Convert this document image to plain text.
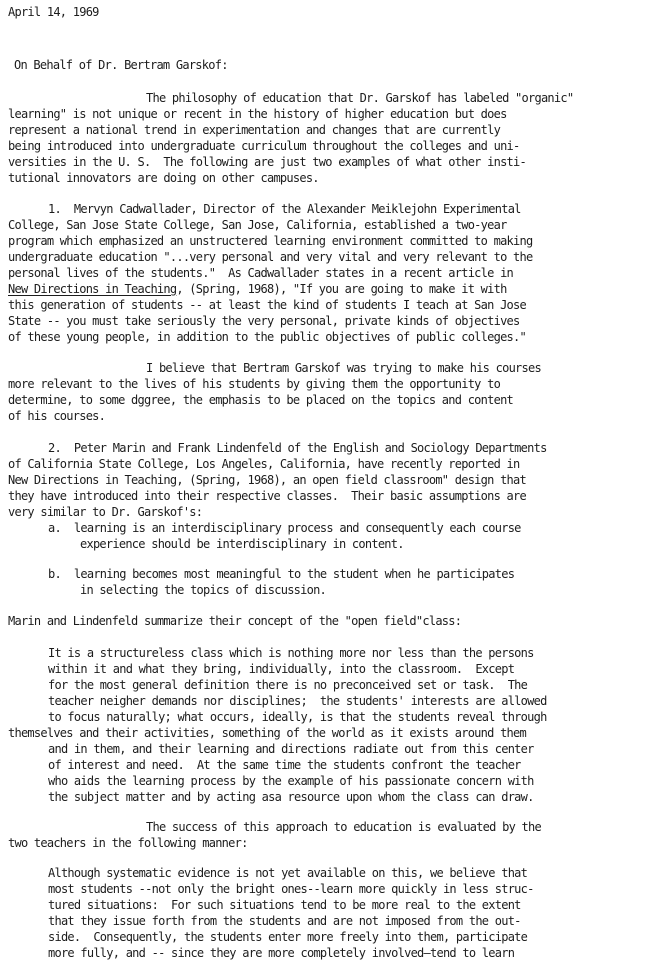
April 14, 1969
On Behalf of Dr. Bertram Garskof:
The philosophy of education that Dr. Garskof has labeled "organic"
learning" is not unique or recent in the history of higher education but does
represent a national trend in experimentation and changes that are currently
being introduced into undergraduate curriculum throughout the colleges and uni-
versities in the U. S.  The following are just two examples of what other insti-
tutional innovators are doing on other campuses.
1.  Mervyn Cadwallader, Director of the Alexander Meiklejohn Experimental
College, San Jose State College, San Jose, California, established a two-year
program which emphasized an unstructered learning environment committed to making
undergraduate education "...very personal and very vital and very relevant to the
personal lives of the students."  As Cadwallader states in a recent article in
New Directions in Teaching, (Spring, 1968), "If you are going to make it with
this generation of students -- at least the kind of students I teach at San Jose
State -- you must take seriously the very personal, private kinds of objectives
of these young people, in addition to the public objectives of public colleges."
I believe that Bertram Garskof was trying to make his courses
more relevant to the lives of his students by giving them the opportunity to
determine, to some dggree, the emphasis to be placed on the topics and content
of his courses.
2.  Peter Marin and Frank Lindenfeld of the English and Sociology Departments
of California State College, Los Angeles, California, have recently reported in
New Directions in Teaching, (Spring, 1968), an open field classroom" design that
they have introduced into their respective classes.  Their basic assumptions are
very similar to Dr. Garskof's:
a.  learning is an interdisciplinary process and consequently each course
experience should be interdisciplinary in content.
b.  learning becomes most meaningful to the student when he participates
in selecting the topics of discussion.
Marin and Lindenfeld summarize their concept of the "open field"class:
It is a structureless class which is nothing more nor less than the persons
within it and what they bring, individually, into the classroom.  Except
for the most general definition there is no preconceived set or task.  The
teacher neigher demands nor disciplines;  the students' interests are allowed
to focus naturally; what occurs, ideally, is that the students reveal through
themselves and their activities, something of the world as it exists around them
and in them, and their learning and directions radiate out from this center
of interest and need.  At the same time the students confront the teacher
who aids the learning process by the example of his passionate concern with
the subject matter and by acting asa resource upon whom the class can draw.
The success of this approach to education is evaluated by the
two teachers in the following manner:
Although systematic evidence is not yet available on this, we believe that
most students --not only the bright ones--learn more quickly in less struc-
tured situations:  For such situations tend to be more real to the extent
that they issue forth from the students and are not imposed from the out-
side.  Consequently, the students enter more freely into them, participate
more fully, and -- since they are more completely involved—tend to learn
